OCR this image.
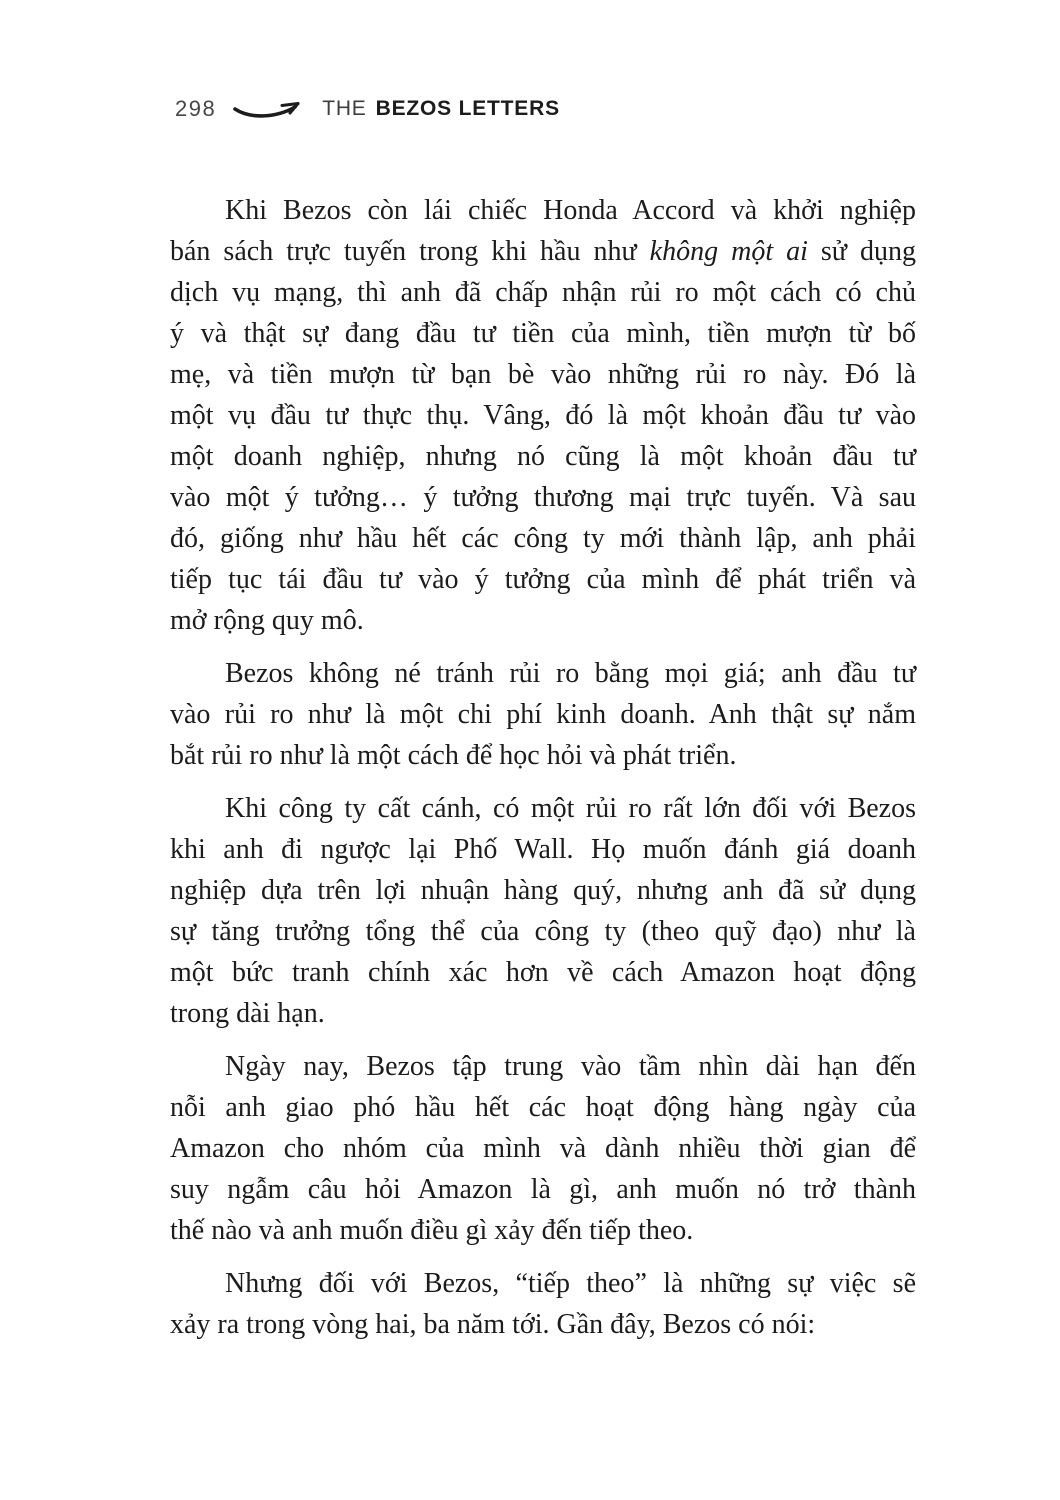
298	THE BEZOS LETTERS
Khi Bezos còn lái chiếc Honda Accord và khởi nghiệp
bán sách trực tuyến trong khi hầu như không một ai sử dụng
dịch vụ mạng, thì anh đã chấp nhận rủi ro một cách có chủ
ý và thật sự đang đầu tư tiền của mình, tiền mượn từ bố
mẹ, và tiền mượn từ bạn bè vào những rủi ro này. Đó là
một vụ đầu tư thực thụ. Vâng, đó là một khoản đầu tư vào
một doanh nghiệp, nhưng nó cũng là một khoản đầu tư
vào một ý tưởng… ý tưởng thương mại trực tuyến. Và sau
đó, giống như hầu hết các công ty mới thành lập, anh phải
tiếp tục tái đầu tư vào ý tưởng của mình để phát triển và
mở rộng quy mô.
Bezos không né tránh rủi ro bằng mọi giá; anh đầu tư
vào rủi ro như là một chi phí kinh doanh. Anh thật sự nắm
bắt rủi ro như là một cách để học hỏi và phát triển.
Khi công ty cất cánh, có một rủi ro rất lớn đối với Bezos
khi anh đi ngược lại Phố Wall. Họ muốn đánh giá doanh
nghiệp dựa trên lợi nhuận hàng quý, nhưng anh đã sử dụng
sự tăng trưởng tổng thể của công ty (theo quỹ đạo) như là
một bức tranh chính xác hơn về cách Amazon hoạt động
trong dài hạn.
Ngày nay, Bezos tập trung vào tầm nhìn dài hạn đến
nỗi anh giao phó hầu hết các hoạt động hàng ngày của
Amazon cho nhóm của mình và dành nhiều thời gian để
suy ngẫm câu hỏi Amazon là gì, anh muốn nó trở thành
thế nào và anh muốn điều gì xảy đến tiếp theo.
Nhưng đối với Bezos, “tiếp theo” là những sự việc sẽ
xảy ra trong vòng hai, ba năm tới. Gần đây, Bezos có nói:
